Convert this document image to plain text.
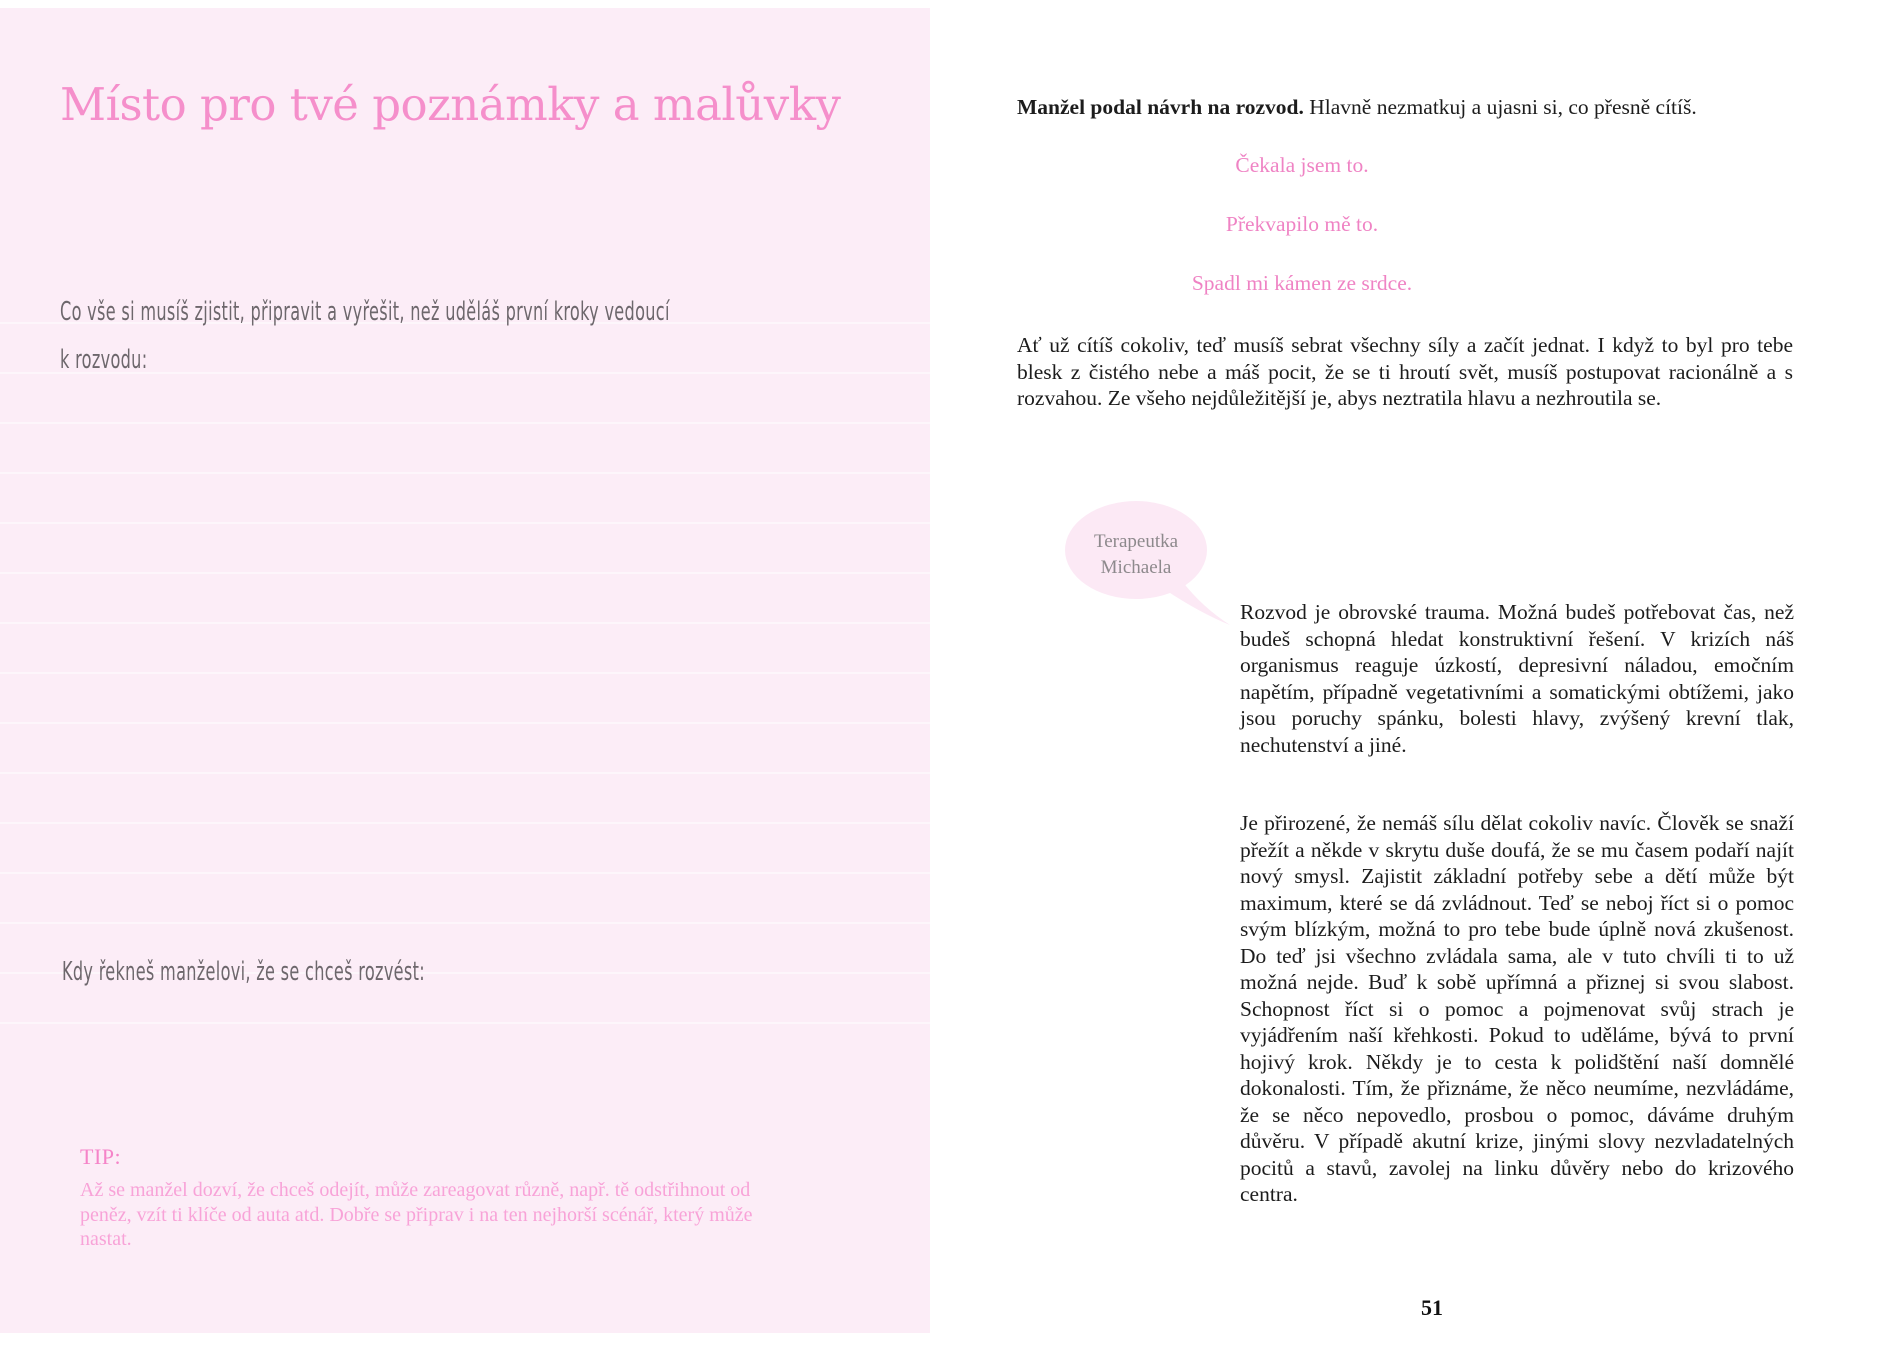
Místo pro tvé poznámky a malůvky
Co vše si musíš zjistit, připravit a vyřešit, než uděláš první kroky vedoucí
k rozvodu:
Kdy řekneš manželovi, že se chceš rozvést:
TIP:
Až se manžel dozví, že chceš odejít, může zareagovat různě, např. tě odstřihnout od peněz, vzít ti klíče od auta atd. Dobře se připrav i na ten nejhorší scénář, který může nastat.

Manžel podal návrh na rozvod. Hlavně nezmatkuj a ujasni si, co přesně cítíš.

Čekala jsem to.
Překvapilo mě to.
Spadl mi kámen ze srdce.

Ať už cítíš cokoliv, teď musíš sebrat všechny síly a začít jednat. I když to byl pro tebe blesk z čistého nebe a máš pocit, že se ti hroutí svět, musíš postupovat racionálně a s rozvahou. Ze všeho nejdůležitější je, abys neztratila hlavu a nezhroutila se.

Terapeutka
Michaela

Rozvod je obrovské trauma. Možná budeš potřebovat čas, než budeš schopná hledat konstruktivní řešení. V krizích náš organismus reaguje úzkostí, depresivní náladou, emočním napětím, případně vegetativními a somatickými obtížemi, jako jsou poruchy spánku, bolesti hlavy, zvýšený krevní tlak, nechutenství a jiné.

Je přirozené, že nemáš sílu dělat cokoliv navíc. Člověk se snaží přežít a někde v skrytu duše doufá, že se mu časem podaří najít nový smysl. Zajistit základní potřeby sebe a dětí může být maximum, které se dá zvládnout. Teď se neboj říct si o pomoc svým blízkým, možná to pro tebe bude úplně nová zkušenost. Do teď jsi všechno zvládala sama, ale v tuto chvíli ti to už možná nejde. Buď k sobě upřímná a přiznej si svou slabost. Schopnost říct si o pomoc a pojmenovat svůj strach je vyjádřením naší křehkosti. Pokud to uděláme, bývá to první hojivý krok. Někdy je to cesta k polidštění naší domnělé dokonalosti. Tím, že přiznáme, že něco neumíme, nezvládáme, že se něco nepovedlo, prosbou o pomoc, dáváme druhým důvěru. V případě akutní krize, jinými slovy nezvladatelných pocitů a stavů, zavolej na linku důvěry nebo do krizového centra.

51
